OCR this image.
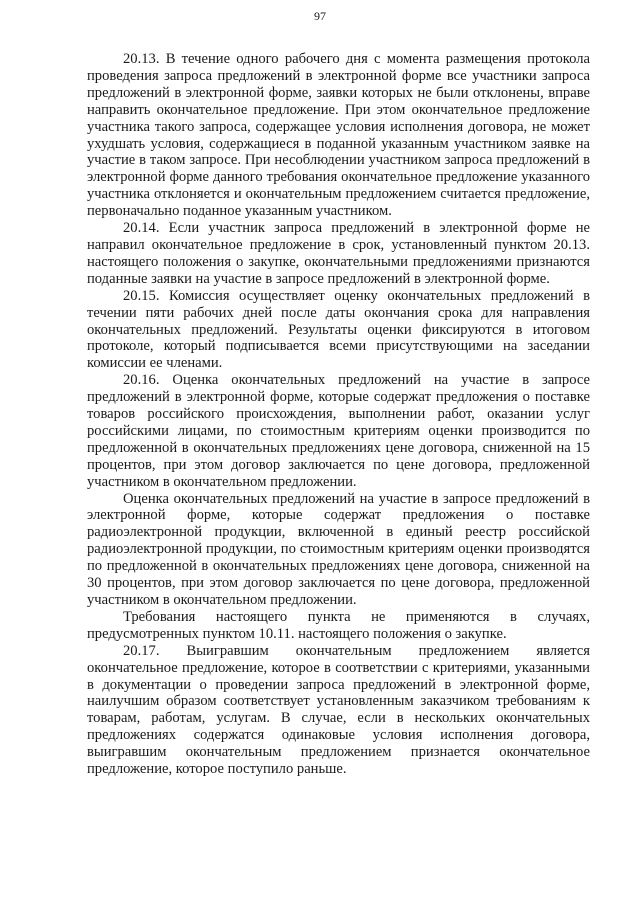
97

20.13. В течение одного рабочего дня с момента размещения протокола проведения запроса предложений в электронной форме все участники запроса предложений в электронной форме, заявки которых не были отклонены, вправе направить окончательное предложение. При этом окончательное предложение участника такого запроса, содержащее условия исполнения договора, не может ухудшать условия, содержащиеся в поданной указанным участником заявке на участие в таком запросе. При несоблюдении участником запроса предложений в электронной форме данного требования окончательное предложение указанного участника отклоняется и окончательным предложением считается предложение, первоначально поданное указанным участником.

20.14. Если участник запроса предложений в электронной форме не направил окончательное предложение в срок, установленный пунктом 20.13. настоящего положения о закупке, окончательными предложениями признаются поданные заявки на участие в запросе предложений в электронной форме.

20.15. Комиссия осуществляет оценку окончательных предложений в течении пяти рабочих дней после даты окончания срока для направления окончательных предложений. Результаты оценки фиксируются в итоговом протоколе, который подписывается всеми присутствующими на заседании комиссии ее членами.

20.16. Оценка окончательных предложений на участие в запросе предложений в электронной форме, которые содержат предложения о поставке товаров российского происхождения, выполнении работ, оказании услуг российскими лицами, по стоимостным критериям оценки производится по предложенной в окончательных предложениях цене договора, сниженной на 15 процентов, при этом договор заключается по цене договора, предложенной участником в окончательном предложении.

Оценка окончательных предложений на участие в запросе предложений в электронной форме, которые содержат предложения о поставке радиоэлектронной продукции, включенной в единый реестр российской радиоэлектронной продукции, по стоимостным критериям оценки производятся по предложенной в окончательных предложениях цене договора, сниженной на 30 процентов, при этом договор заключается по цене договора, предложенной участником в окончательном предложении.

Требования настоящего пункта не применяются в случаях, предусмотренных пунктом 10.11. настоящего положения о закупке.

20.17. Выигравшим окончательным предложением является окончательное предложение, которое в соответствии с критериями, указанными в документации о проведении запроса предложений в электронной форме, наилучшим образом соответствует установленным заказчиком требованиям к товарам, работам, услугам. В случае, если в нескольких окончательных предложениях содержатся одинаковые условия исполнения договора, выигравшим окончательным предложением признается окончательное предложение, которое поступило раньше.
